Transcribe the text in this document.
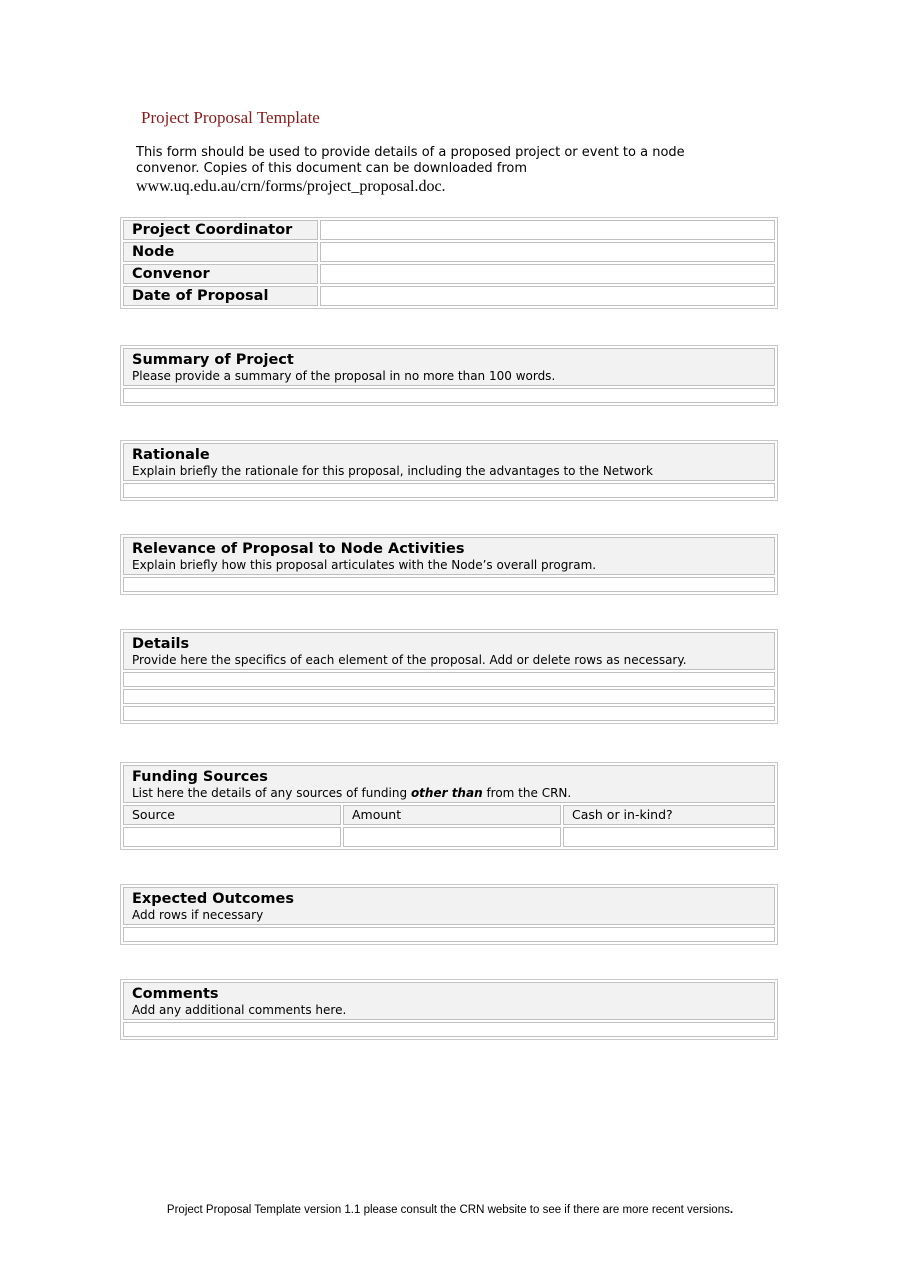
Project Proposal Template
This form should be used to provide details of a proposed project or event to a node convenor. Copies of this document can be downloaded from
www.uq.edu.au/crn/forms/project_proposal.doc.
Project Coordinator	
Node	
Convenor	
Date of Proposal	
Summary of Project
Please provide a summary of the proposal in no more than 100 words.

Rationale
Explain briefly the rationale for this proposal, including the advantages to the Network

Relevance of Proposal to Node Activities
Explain briefly how this proposal articulates with the Node’s overall program.

Details
Provide here the specifics of each element of the proposal. Add or delete rows as necessary.

Funding Sources
List here the details of any sources of funding other than from the CRN.		

Source	Amount	Cash or in-kind?

Expected Outcomes
Add rows if necessary

Comments
Add any additional comments here.

Project Proposal Template version 1.1 please consult the CRN website to see if there are more recent versions.
